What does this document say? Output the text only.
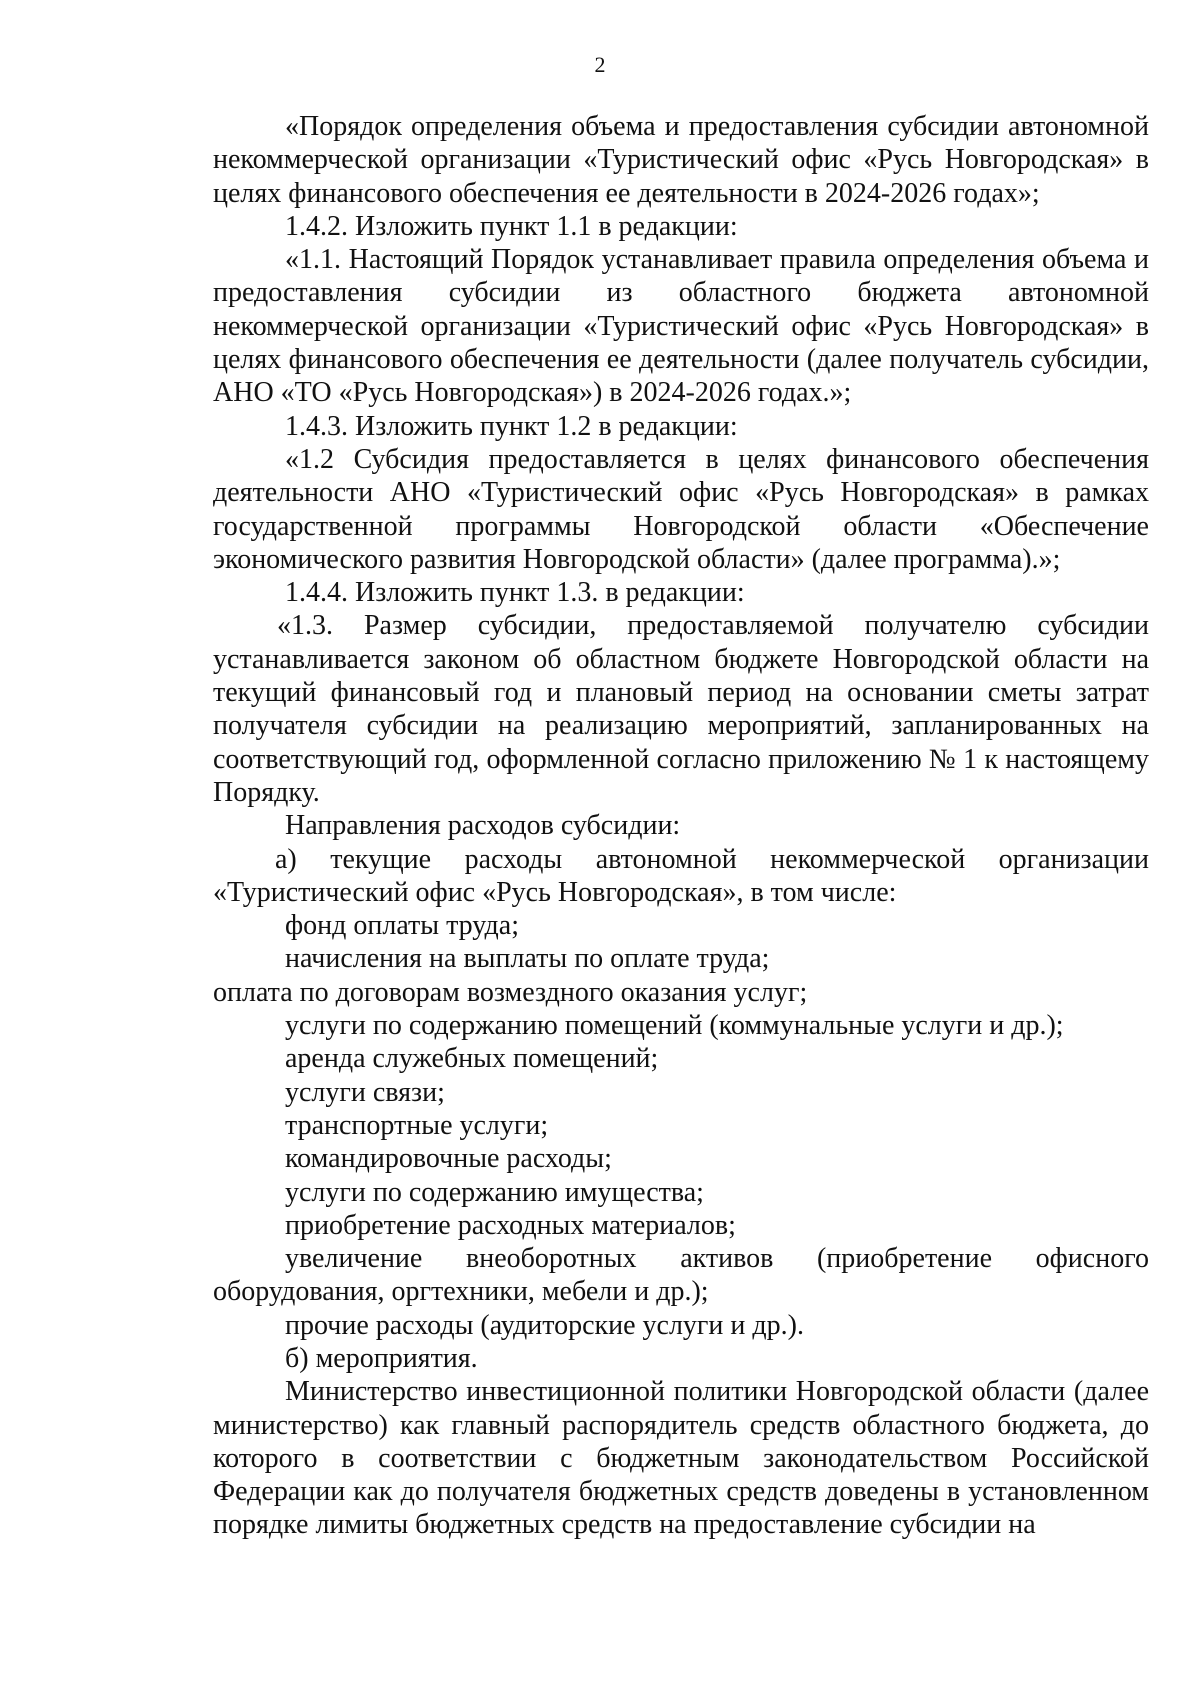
2

«Порядок определения объема и предоставления субсидии автономной некоммерческой организации «Туристический офис «Русь Новгородская» в целях финансового обеспечения ее деятельности в 2024-2026 годах»;

1.4.2. Изложить пункт 1.1 в редакции:

«1.1. Настоящий Порядок устанавливает правила определения объема и предоставления субсидии из областного бюджета автономной некоммерческой организации «Туристический офис «Русь Новгородская» в целях финансового обеспечения ее деятельности (далее получатель субсидии, АНО «ТО «Русь Новгородская») в 2024-2026 годах.»;

1.4.3. Изложить пункт 1.2 в редакции:

«1.2 Субсидия предоставляется в целях финансового обеспечения деятельности АНО «Туристический офис «Русь Новгородская» в рамках государственной программы Новгородской области «Обеспечение экономического развития Новгородской области» (далее программа).»;

1.4.4. Изложить пункт 1.3. в редакции:

«1.3. Размер субсидии, предоставляемой получателю субсидии устанавливается законом об областном бюджете Новгородской области на текущий финансовый год и плановый период на основании сметы затрат получателя субсидии на реализацию мероприятий, запланированных на соответствующий год, оформленной согласно приложению № 1 к настоящему Порядку.

Направления расходов субсидии:

а) текущие расходы автономной некоммерческой организации «Туристический офис «Русь Новгородская», в том числе:

фонд оплаты труда;

начисления на выплаты по оплате труда;

оплата по договорам возмездного оказания услуг;

услуги по содержанию помещений (коммунальные услуги и др.);

аренда служебных помещений;

услуги связи;

транспортные услуги;

командировочные расходы;

услуги по содержанию имущества;

приобретение расходных материалов;

увеличение внеоборотных активов (приобретение офисного оборудования, оргтехники, мебели и др.);

прочие расходы (аудиторские услуги и др.).

б) мероприятия.

Министерство инвестиционной политики Новгородской области (далее министерство) как главный распорядитель средств областного бюджета, до которого в соответствии с бюджетным законодательством Российской Федерации как до получателя бюджетных средств доведены в установленном порядке лимиты бюджетных средств на предоставление субсидии на
